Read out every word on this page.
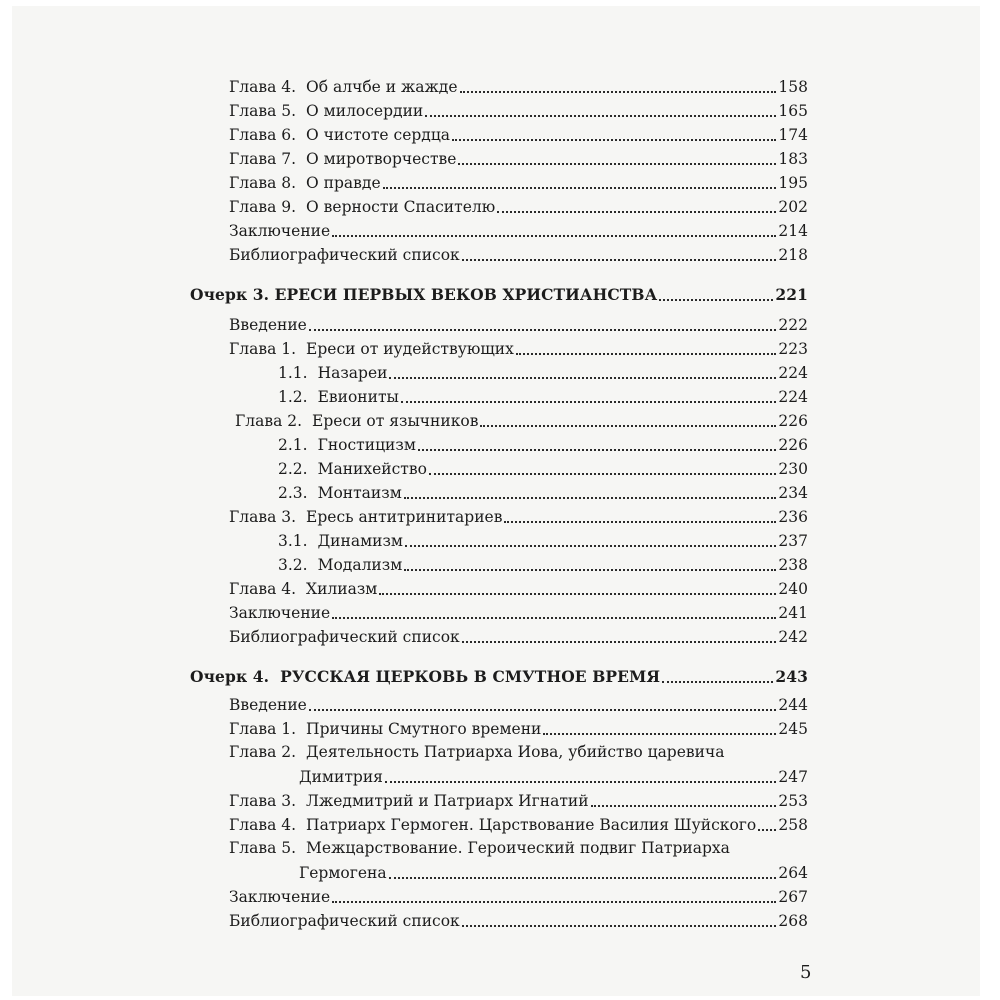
Глава 4. Об алчбе и жажде	158
Глава 5. О милосердии	165
Глава 6. О чистоте сердца	174
Глава 7. О миротворчестве	183
Глава 8. О правде	195
Глава 9. О верности Спасителю	202
Заключение	214
Библиографический список	218
Очерк 3. ЕРЕСИ ПЕРВЫХ ВЕКОВ ХРИСТИАНСТВА	221
Введение	222
Глава 1. Ереси от иудействующих	223
1.1. Назареи	224
1.2. Евиониты	224
Глава 2. Ереси от язычников	226
2.1. Гностицизм	226
2.2. Манихейство	230
2.3. Монтаизм	234
Глава 3. Ересь антитринитариев	236
3.1. Динамизм	237
3.2. Модализм	238
Глава 4. Хилиазм	240
Заключение	241
Библиографический список	242
Очерк 4.  РУССКАЯ ЦЕРКОВЬ В СМУТНОЕ ВРЕМЯ	243
Введение	244
Глава 1. Причины Смутного времени	245
Глава 2. Деятельность Патриарха Иова, убийство царевича
Димитрия	247
Глава 3. Лжедмитрий и Патриарх Игнатий	253
Глава 4. Патриарх Гермоген. Царствование Василия Шуйского 258
Глава 5. Межцарствование. Героический подвиг Патриарха
Гермогена	264
Заключение	267
Библиографический список	268
5
